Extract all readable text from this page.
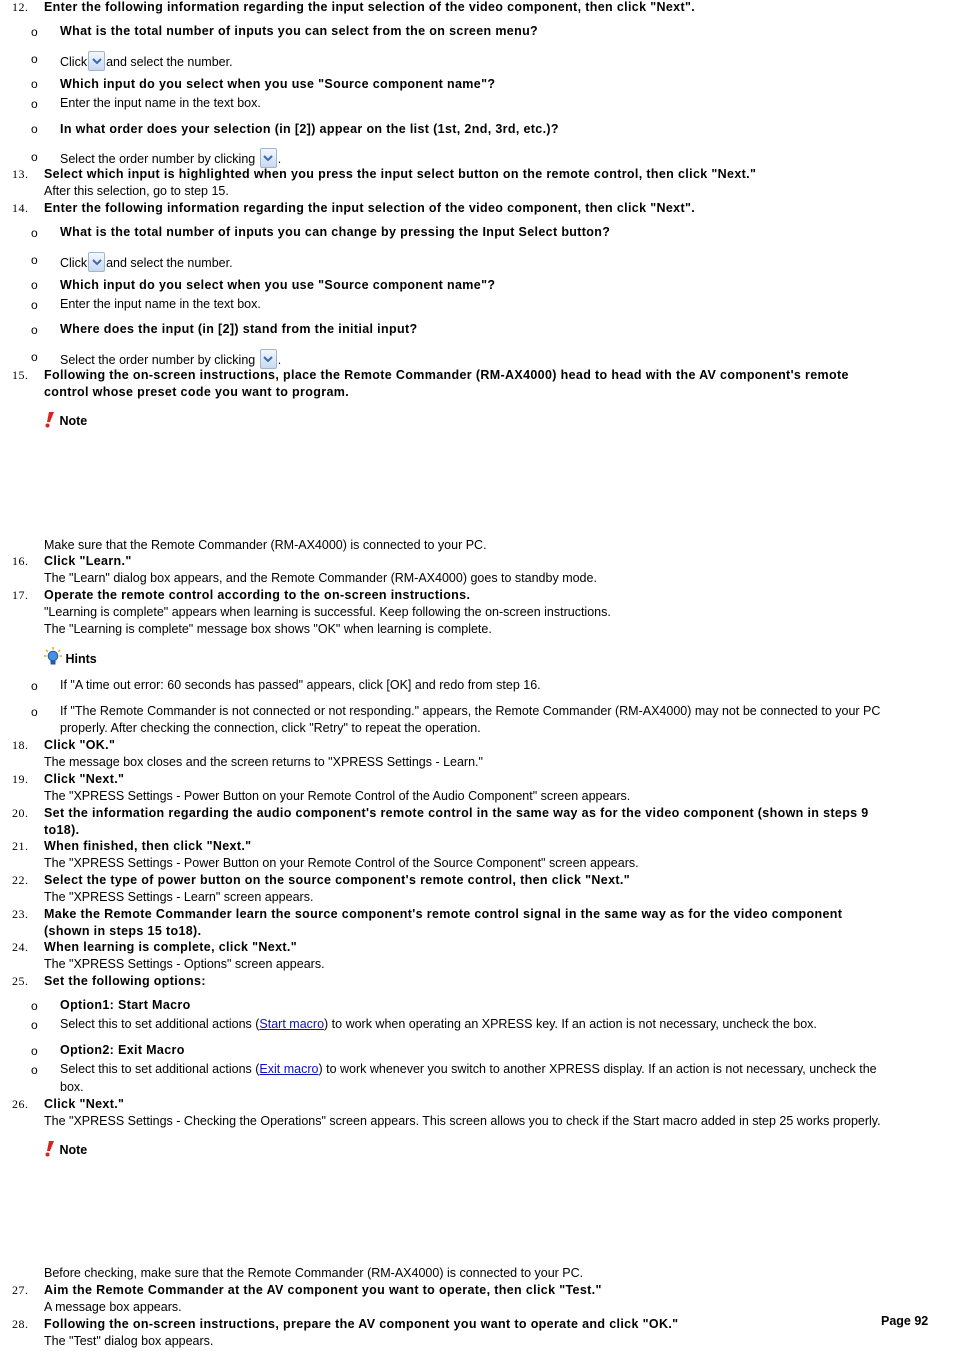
12.	Enter the following information regarding the input selection of the video component, then click "Next".
o What is the total number of inputs you can select from the on screen menu?
o Click and select the number.
o Which input do you select when you use "Source component name"?
o Enter the input name in the text box.
o In what order does your selection (in [2]) appear on the list (1st, 2nd, 3rd, etc.)?
o Select the order number by clicking .
13.	Select which input is highlighted when you press the input select button on the remote control, then click "Next."
After this selection, go to step 15.
14.	Enter the following information regarding the input selection of the video component, then click "Next".
o What is the total number of inputs you can change by pressing the Input Select button?
o Click and select the number.
o Which input do you select when you use "Source component name"?
o Enter the input name in the text box.
o Where does the input (in [2]) stand from the initial input?
o Select the order number by clicking .
15.	Following the on-screen instructions, place the Remote Commander (RM-AX4000) head to head with the AV component's remote
control whose preset code you want to program.
Note
Make sure that the Remote Commander (RM-AX4000) is connected to your PC.
16.	Click "Learn."
The "Learn" dialog box appears, and the Remote Commander (RM-AX4000) goes to standby mode.
17.	Operate the remote control according to the on-screen instructions.
"Learning is complete" appears when learning is successful. Keep following the on-screen instructions.
The "Learning is complete" message box shows "OK" when learning is complete.
Hints
o If "A time out error: 60 seconds has passed" appears, click [OK] and redo from step 16.
o If "The Remote Commander is not connected or not responding." appears, the Remote Commander (RM-AX4000) may not be connected to your PC
properly. After checking the connection, click "Retry" to repeat the operation.
18.	Click "OK."
The message box closes and the screen returns to "XPRESS Settings - Learn."
19.	Click "Next."
The "XPRESS Settings - Power Button on your Remote Control of the Audio Component" screen appears.
20.	Set the information regarding the audio component's remote control in the same way as for the video component (shown in steps 9
to18).
21.	When finished, then click "Next."
The "XPRESS Settings - Power Button on your Remote Control of the Source Component" screen appears.
22.	Select the type of power button on the source component's remote control, then click "Next."
The "XPRESS Settings - Learn" screen appears.
23.	Make the Remote Commander learn the source component's remote control signal in the same way as for the video component
(shown in steps 15 to18).
24.	When learning is complete, click "Next."
The "XPRESS Settings - Options" screen appears.
25.	Set the following options:
o Option1: Start Macro
o Select this to set additional actions (Start macro) to work when operating an XPRESS key. If an action is not necessary, uncheck the box.
o Option2: Exit Macro
o Select this to set additional actions (Exit macro) to work whenever you switch to another XPRESS display. If an action is not necessary, uncheck the
box.
26.	Click "Next."
The "XPRESS Settings - Checking the Operations" screen appears. This screen allows you to check if the Start macro added in step 25 works properly.
Note
Before checking, make sure that the Remote Commander (RM-AX4000) is connected to your PC.
27.	Aim the Remote Commander at the AV component you want to operate, then click "Test."
A message box appears.
28.	Following the on-screen instructions, prepare the AV component you want to operate and click "OK."
The "Test" dialog box appears.
Page 92
